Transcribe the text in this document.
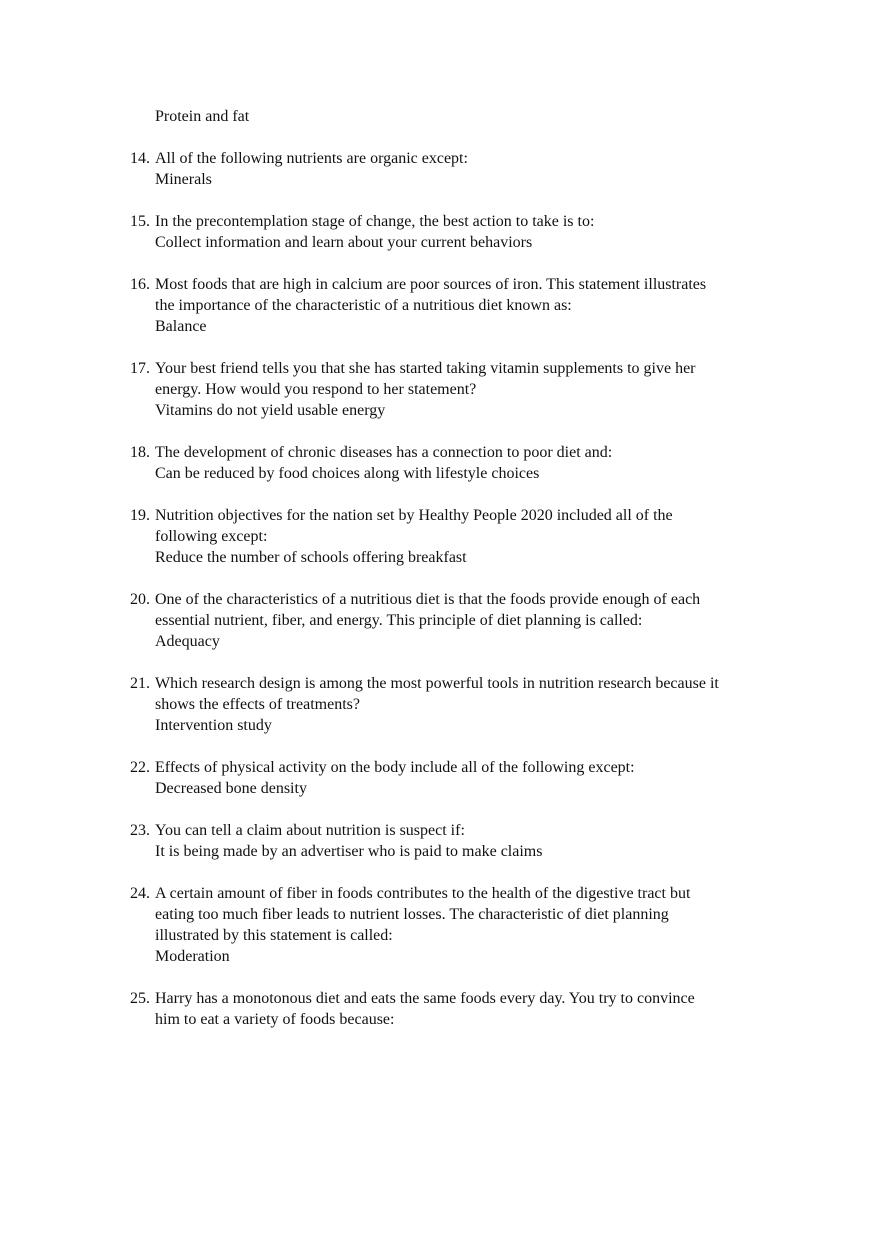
Protein and fat
14. All of the following nutrients are organic except:
Minerals
15. In the precontemplation stage of change, the best action to take is to:
Collect information and learn about your current behaviors
16. Most foods that are high in calcium are poor sources of iron. This statement illustrates
the importance of the characteristic of a nutritious diet known as:
Balance
17. Your best friend tells you that she has started taking vitamin supplements to give her
energy. How would you respond to her statement?
Vitamins do not yield usable energy
18. The development of chronic diseases has a connection to poor diet and:
Can be reduced by food choices along with lifestyle choices
19. Nutrition objectives for the nation set by Healthy People 2020 included all of the
following except:
Reduce the number of schools offering breakfast
20. One of the characteristics of a nutritious diet is that the foods provide enough of each
essential nutrient, fiber, and energy. This principle of diet planning is called:
Adequacy
21. Which research design is among the most powerful tools in nutrition research because it
shows the effects of treatments?
Intervention study
22. Effects of physical activity on the body include all of the following except:
Decreased bone density
23. You can tell a claim about nutrition is suspect if:
It is being made by an advertiser who is paid to make claims
24. A certain amount of fiber in foods contributes to the health of the digestive tract but
eating too much fiber leads to nutrient losses. The characteristic of diet planning
illustrated by this statement is called:
Moderation
25. Harry has a monotonous diet and eats the same foods every day. You try to convince
him to eat a variety of foods because:
